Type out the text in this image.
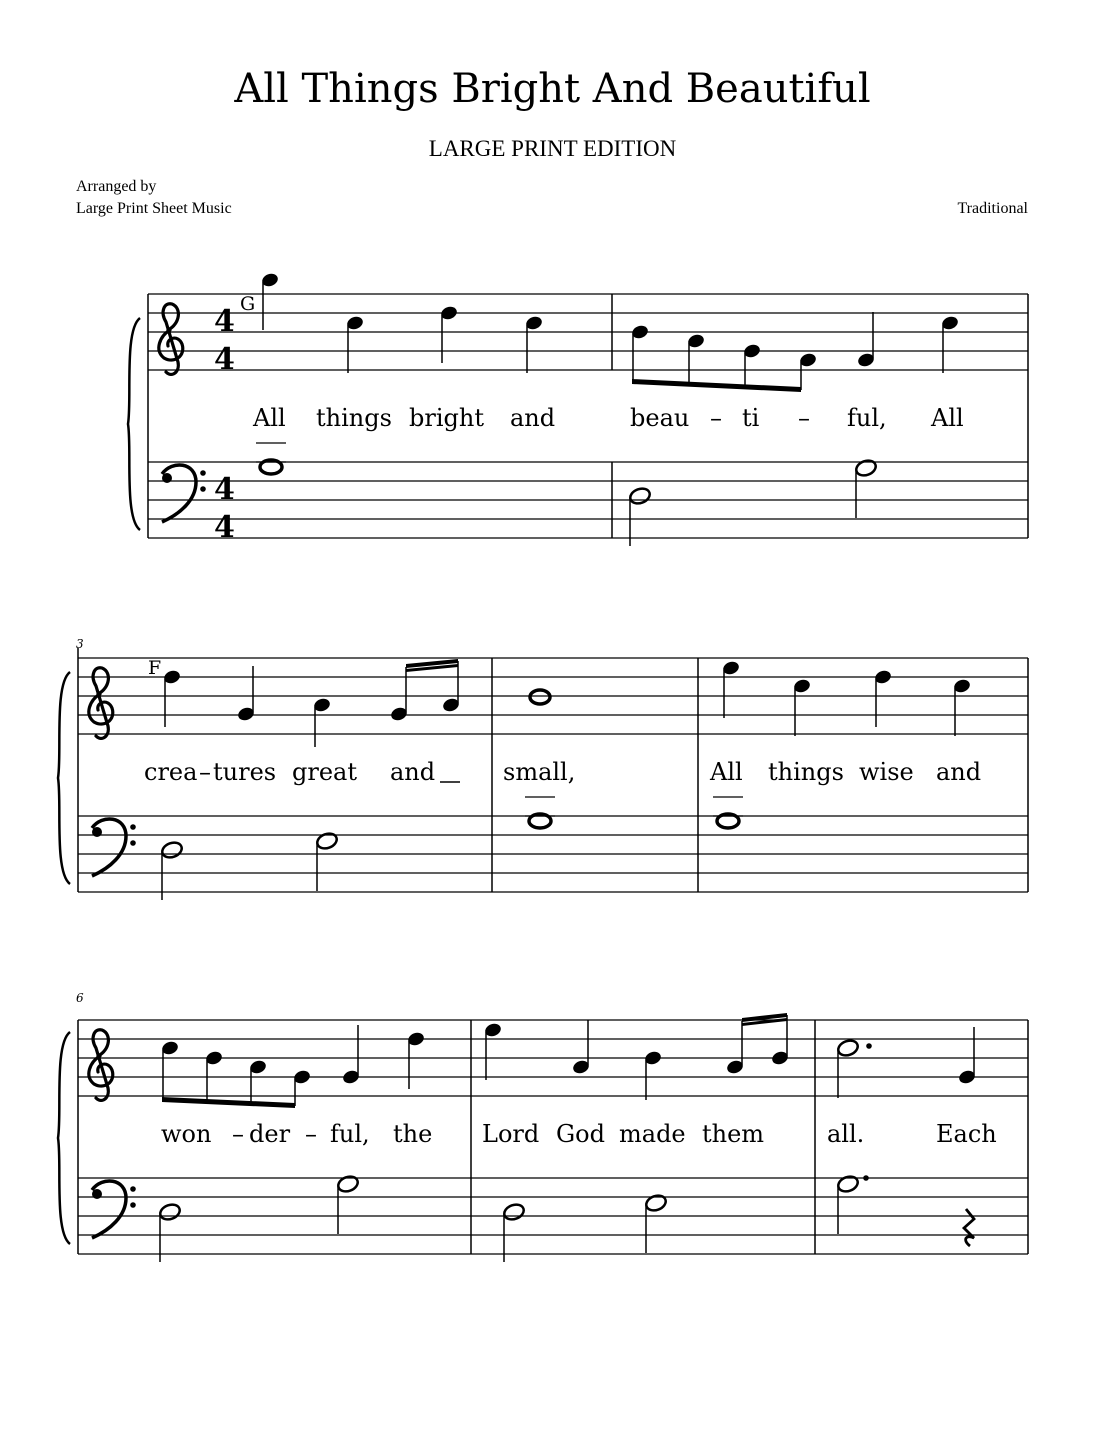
All Things Bright And Beautiful
LARGE PRINT EDITION
Arranged by
Large Print Sheet Music	Traditional
4
4
4
4
G
All things bright and	beau – ti – ful, All
3
F
crea – tures great and	small,	All things wise and
6
won – der – ful, the Lord God made them	all.	Each
